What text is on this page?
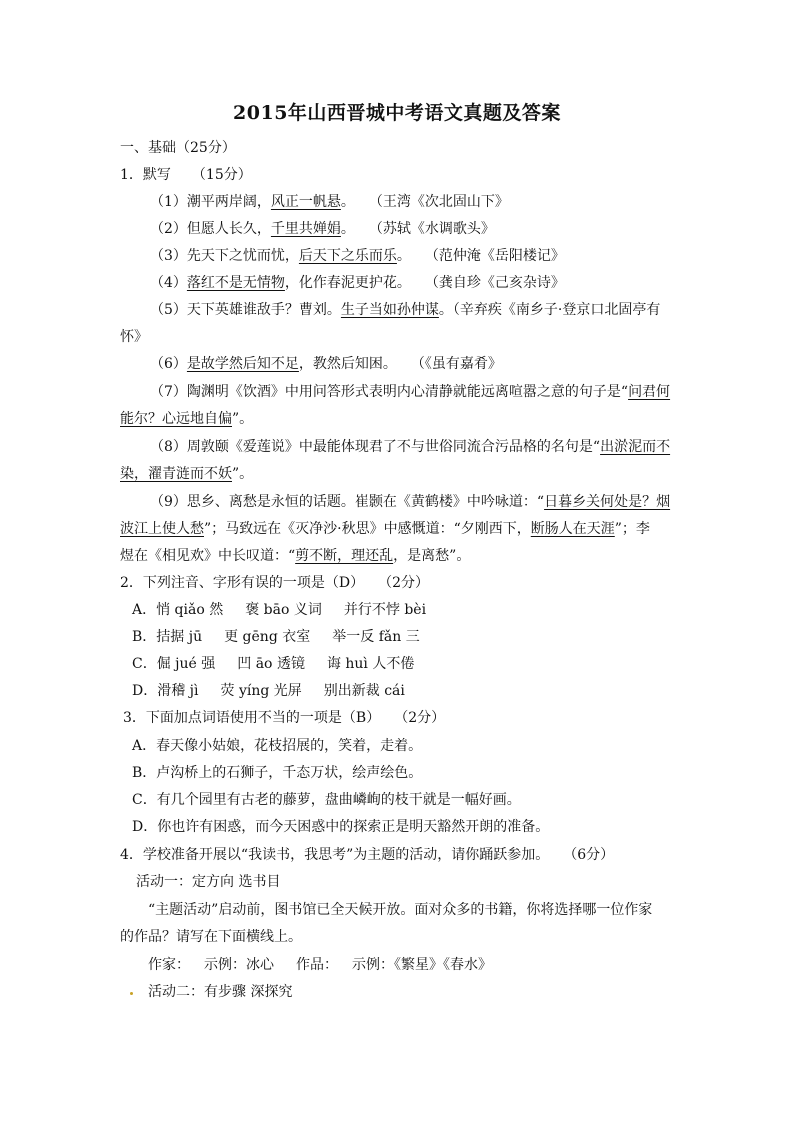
2015年山西晋城中考语文真题及答案
一、基础（25分）
1．默写　　（15分）
（1）潮平两岸阔，风正一帆悬。　　（王湾《次北固山下》
（2）但愿人长久，千里共婵娟。　　（苏轼《水调歌头》
（3）先天下之忧而忧，后天下之乐而乐。　　（范仲淹《岳阳楼记》
（4）落红不是无情物，化作春泥更护花。　　（龚自珍《己亥杂诗》
（5）天下英雄谁敌手？曹刘。生子当如孙仲谋。（辛弃疾《南乡子·登京口北固亭有
怀》
（6）是故学然后知不足，教然后知困。　　（《虽有嘉肴》
（7）陶渊明《饮酒》中用问答形式表明内心清静就能远离喧嚣之意的句子是“问君何
能尔？心远地自偏”。
（8）周敦颐《爱莲说》中最能体现君了不与世俗同流合污品格的名句是“出淤泥而不
染，濯青涟而不妖”。
（9）思乡、离愁是永恒的话题。崔颢在《黄鹤楼》中吟咏道：“日暮乡关何处是？烟
波江上使人愁”；马致远在《灭净沙·秋思》中感慨道：“夕刚西下，断肠人在天涯”；李
煜在《相见欢》中长叹道：“剪不断，理还乱，是离愁”。
2．下列注音、字形有误的一项是（D）　　（2分）
A．悄 qiǎo 然 褒 bāo 义词 并行不悖 bèi
B．拮据 jū 更 gēng 衣室 举一反 fǎn 三
C．倔 jué 强 凹 āo 透镜 诲 huì 人不倦
D．滑稽 jì 荧 yíng 光屏 别出新裁 cái
3．下面加点词语使用不当的一项是（B）　　（2分）
A．春天像小姑娘，花枝招展的，笑着，走着。
B．卢沟桥上的石狮子，千态万状，绘声绘色。
C．有几个园里有古老的藤萝，盘曲嶙峋的枝干就是一幅好画。
D．你也许有困惑，而今天困惑中的探索正是明天豁然开朗的准备。
4．学校准备开展以“我读书，我思考”为主题的活动，请你踊跃参加。　　（6分）
活动一：定方向 选书目
“主题活动”启动前，图书馆已全天候开放。面对众多的书籍，你将选择哪一位作家
的作品？请写在下面横线上。
作家： 示例：冰心 作品： 示例：《繁星》《春水》
活动二：有步骤 深探究
